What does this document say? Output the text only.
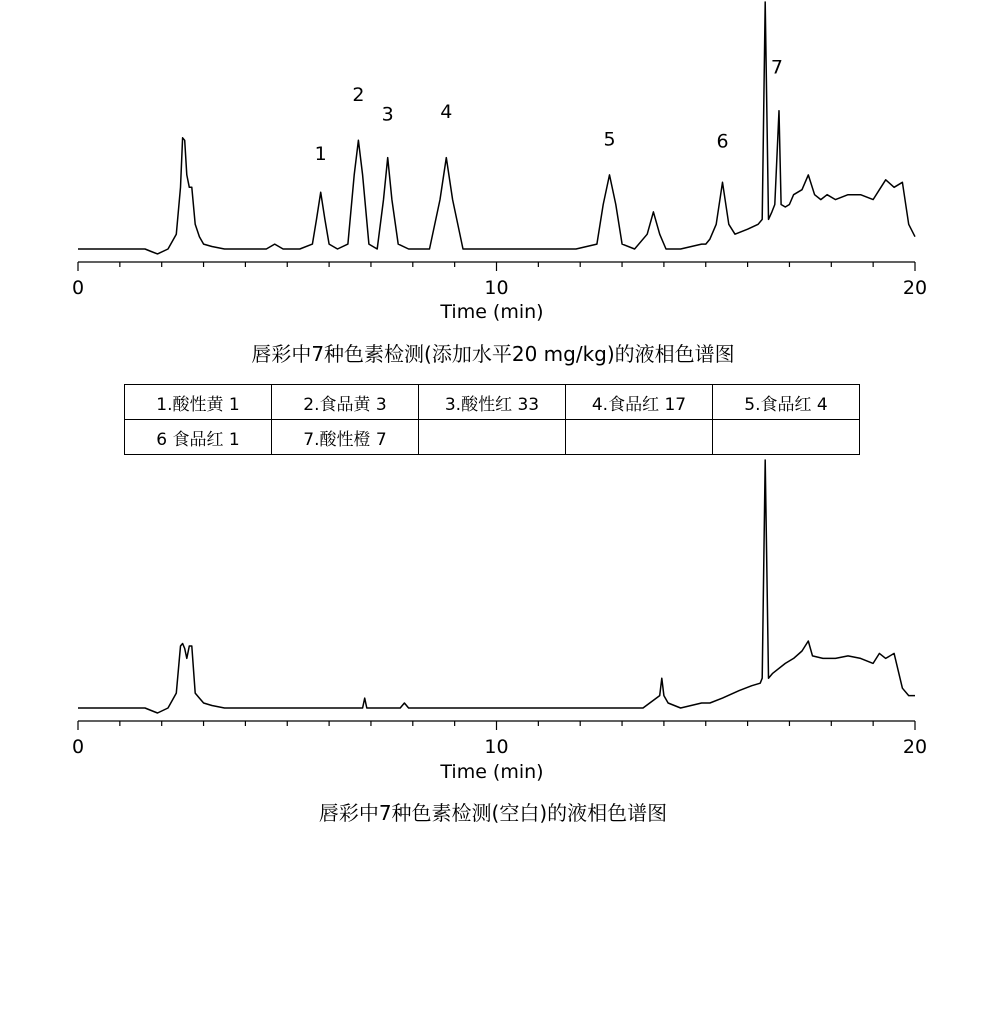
1
2
3 4
5	6
7
0	10	20
Time (min)
唇彩中7种色素检测(添加水平20 mg/kg)的液相色谱图
1.酸性黄 1	2.食品黄 3	3.酸性红 33	4.食品红 17	5.食品红 4
6 食品红 1	7.酸性橙 7			
0	10	20
Time (min)
唇彩中7种色素检测(空白)的液相色谱图
